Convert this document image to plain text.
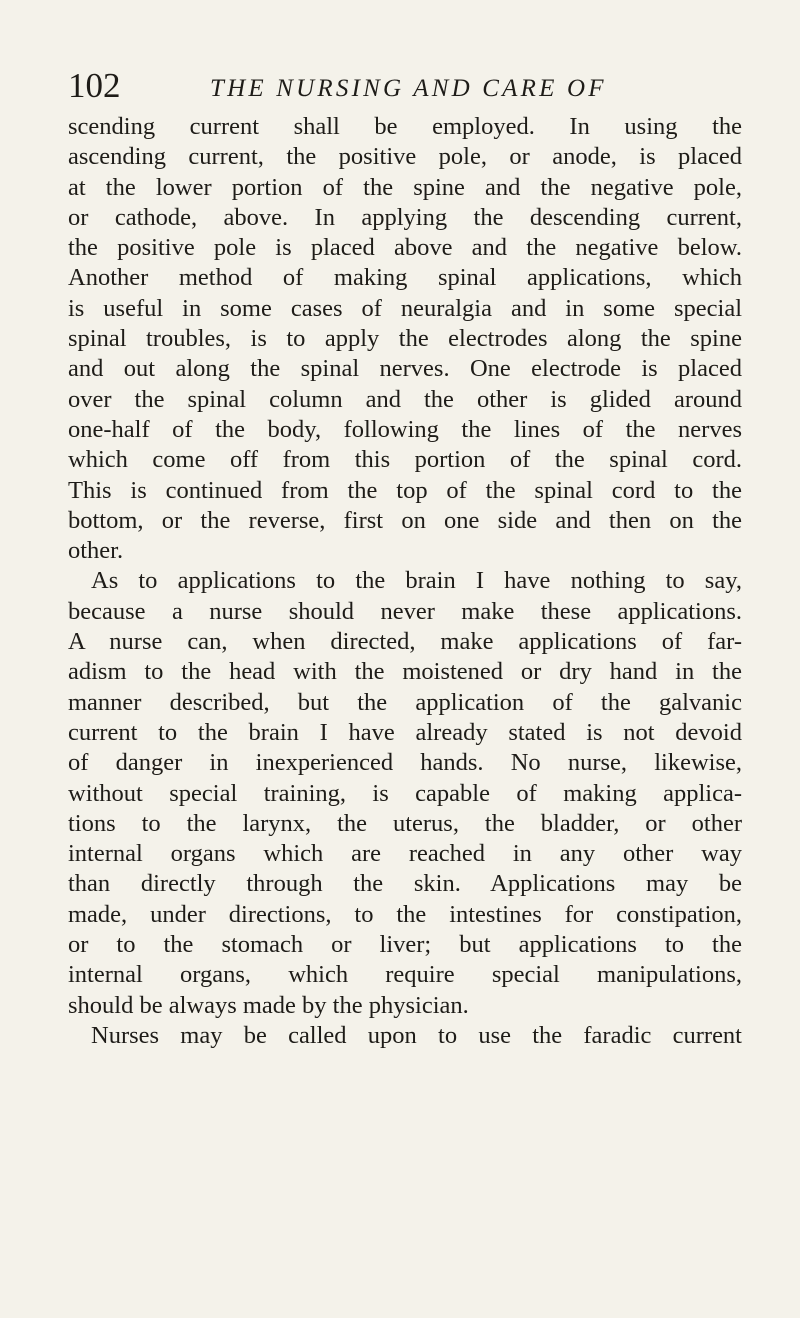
102	THE NURSING AND CARE OF
scending current shall be employed. In using the
ascending current, the positive pole, or anode, is placed
at the lower portion of the spine and the negative pole,
or cathode, above. In applying the descending current,
the positive pole is placed above and the negative below.
Another method of making spinal applications, which
is useful in some cases of neuralgia and in some special
spinal troubles, is to apply the electrodes along the spine
and out along the spinal nerves. One electrode is placed
over the spinal column and the other is glided around
one-half of the body, following the lines of the nerves
which come off from this portion of the spinal cord.
This is continued from the top of the spinal cord to the
bottom, or the reverse, first on one side and then on the
other.
As to applications to the brain I have nothing to say,
because a nurse should never make these applications.
A nurse can, when directed, make applications of far-
adism to the head with the moistened or dry hand in the
manner described, but the application of the galvanic
current to the brain I have already stated is not devoid
of danger in inexperienced hands. No nurse, likewise,
without special training, is capable of making applica-
tions to the larynx, the uterus, the bladder, or other
internal organs which are reached in any other way
than directly through the skin. Applications may be
made, under directions, to the intestines for constipation,
or to the stomach or liver; but applications to the
internal organs, which require special manipulations,
should be always made by the physician.
Nurses may be called upon to use the faradic current
